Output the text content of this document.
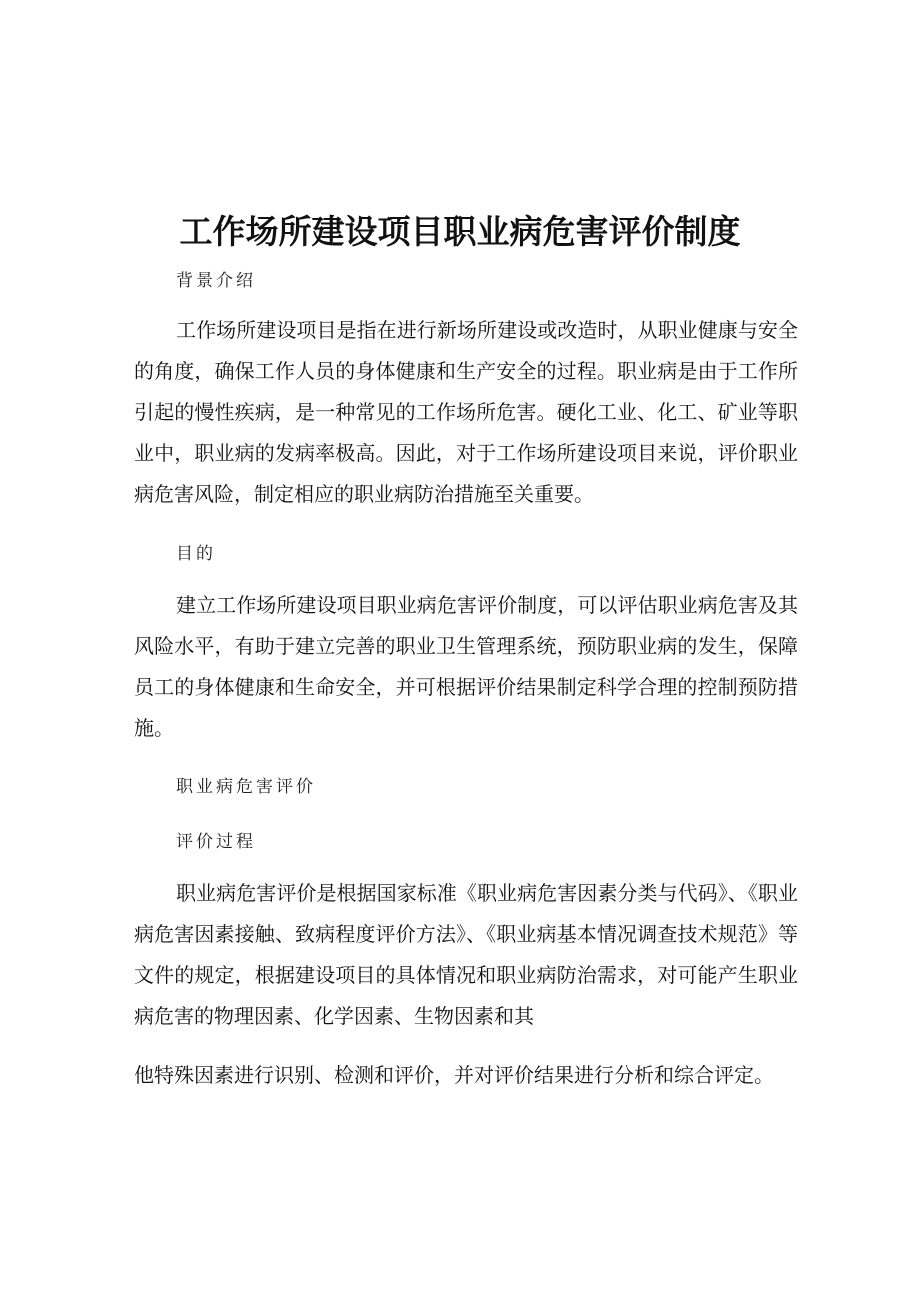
工作场所建设项目职业病危害评价制度

背景介绍

工作场所建设项目是指在进行新场所建设或改造时，从职业健康与安全的角度，确保工作人员的身体健康和生产安全的过程。职业病是由于工作所引起的慢性疾病，是一种常见的工作场所危害。硬化工业、化工、矿业等职业中，职业病的发病率极高。因此，对于工作场所建设项目来说，评价职业病危害风险，制定相应的职业病防治措施至关重要。

目的

建立工作场所建设项目职业病危害评价制度，可以评估职业病危害及其风险水平，有助于建立完善的职业卫生管理系统，预防职业病的发生，保障员工的身体健康和生命安全，并可根据评价结果制定科学合理的控制预防措施。

职业病危害评价

评价过程

职业病危害评价是根据国家标准《职业病危害因素分类与代码》、《职业病危害因素接触、致病程度评价方法》、《职业病基本情况调查技术规范》等文件的规定，根据建设项目的具体情况和职业病防治需求，对可能产生职业病危害的物理因素、化学因素、生物因素和其

他特殊因素进行识别、检测和评价，并对评价结果进行分析和综合评定。
